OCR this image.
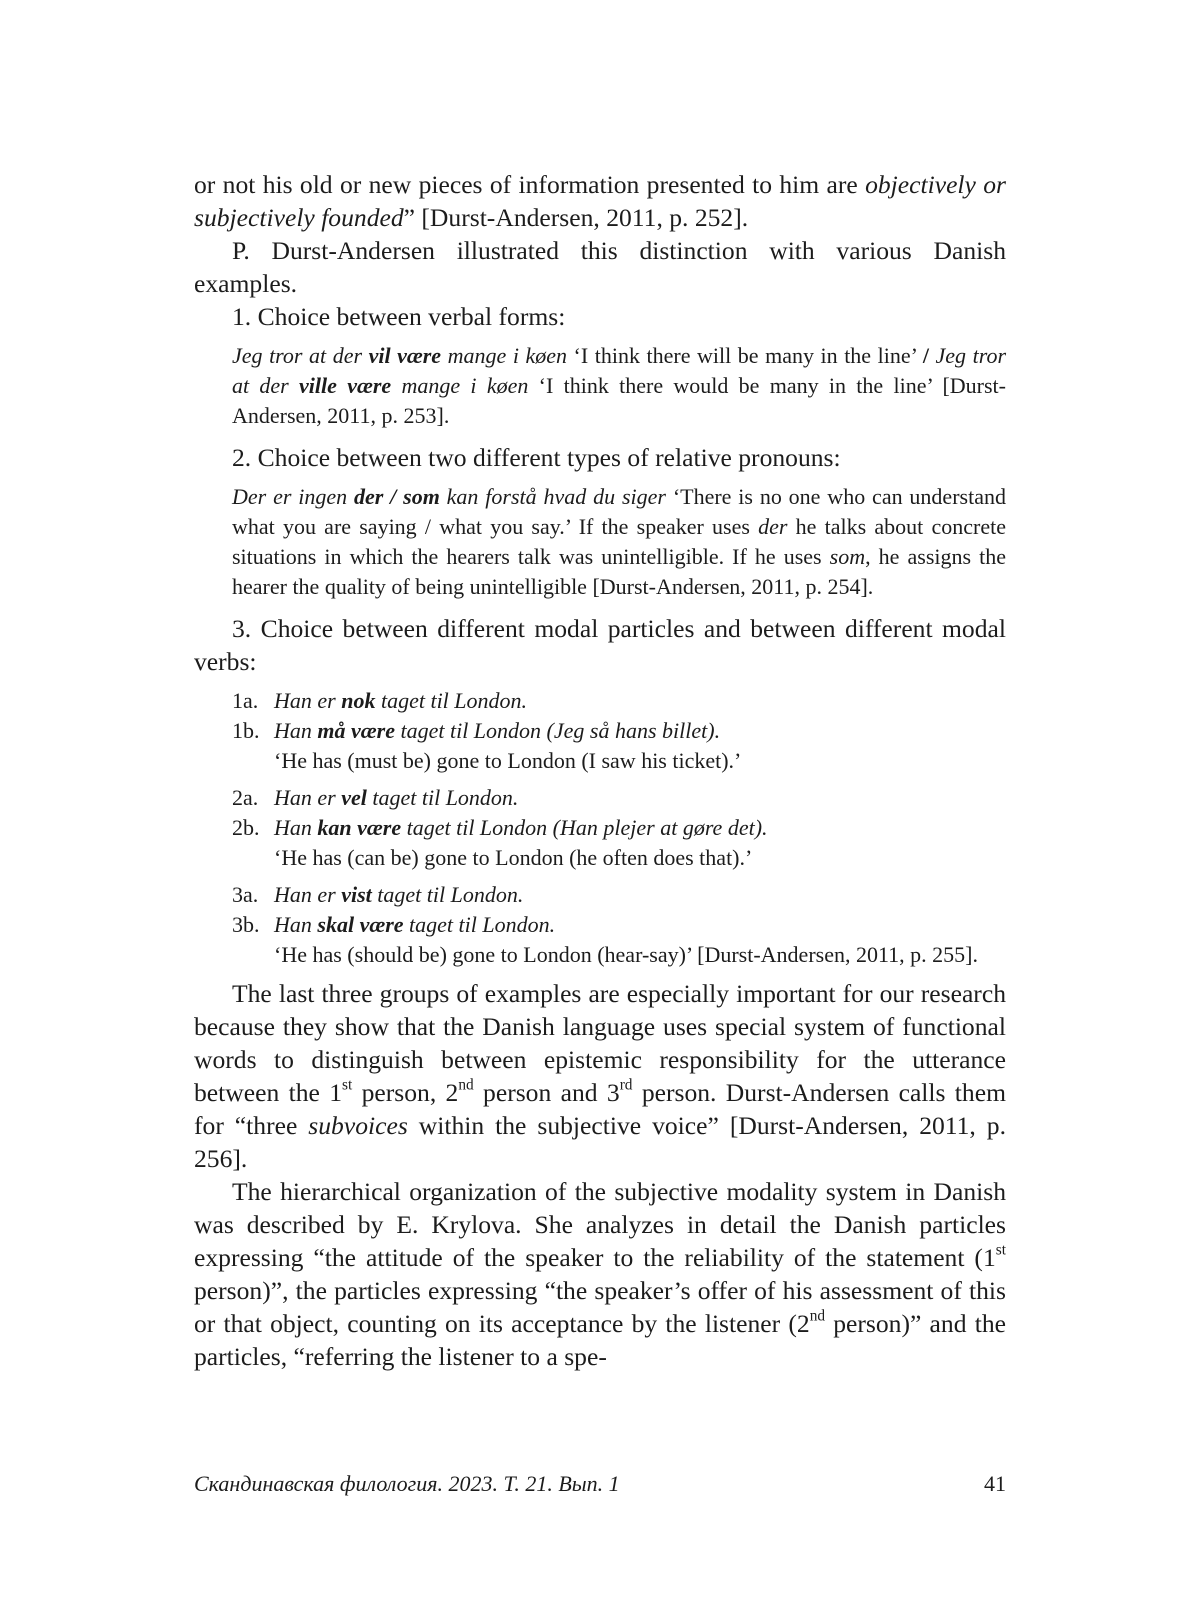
or not his old or new pieces of information presented to him are objectively or subjectively founded” [Durst-Andersen, 2011, p. 252].

P. Durst-Andersen illustrated this distinction with various Danish examples.

1. Choice between verbal forms:

Jeg tror at der vil være mange i køen ‘I think there will be many in the line’ / Jeg tror at der ville være mange i køen ‘I think there would be many in the line’ [Durst-Andersen, 2011, p. 253].

2. Choice between two different types of relative pronouns:

Der er ingen der / som kan forstå hvad du siger ‘There is no one who can understand what you are saying / what you say.’ If the speaker uses der he talks about concrete situations in which the hearers talk was unintelligible. If he uses som, he assigns the hearer the quality of being unintelligible [Durst-Andersen, 2011, p. 254].

3. Choice between different modal particles and between different modal verbs:

1a. Han er nok taget til London.
1b. Han må være taget til London (Jeg så hans billet).
‘He has (must be) gone to London (I saw his ticket).’
2a. Han er vel taget til London.
2b. Han kan være taget til London (Han plejer at gøre det).
‘He has (can be) gone to London (he often does that).’
3a. Han er vist taget til London.
3b. Han skal være taget til London.
‘He has (should be) gone to London (hear-say)’ [Durst-Andersen, 2011, p. 255].

The last three groups of examples are especially important for our research because they show that the Danish language uses special system of functional words to distinguish between epistemic responsibility for the utterance between the 1st person, 2nd person and 3rd person. Durst-Andersen calls them for “three subvoices within the subjective voice” [Durst-Andersen, 2011, p. 256].

The hierarchical organization of the subjective modality system in Danish was described by E. Krylova. She analyzes in detail the Danish particles expressing “the attitude of the speaker to the reliability of the statement (1st person)”, the particles expressing “the speaker’s offer of his assessment of this or that object, counting on its acceptance by the listener (2nd person)” and the particles, “referring the listener to a spe-

Скандинавская филология. 2023. Т. 21. Вып. 1	41
